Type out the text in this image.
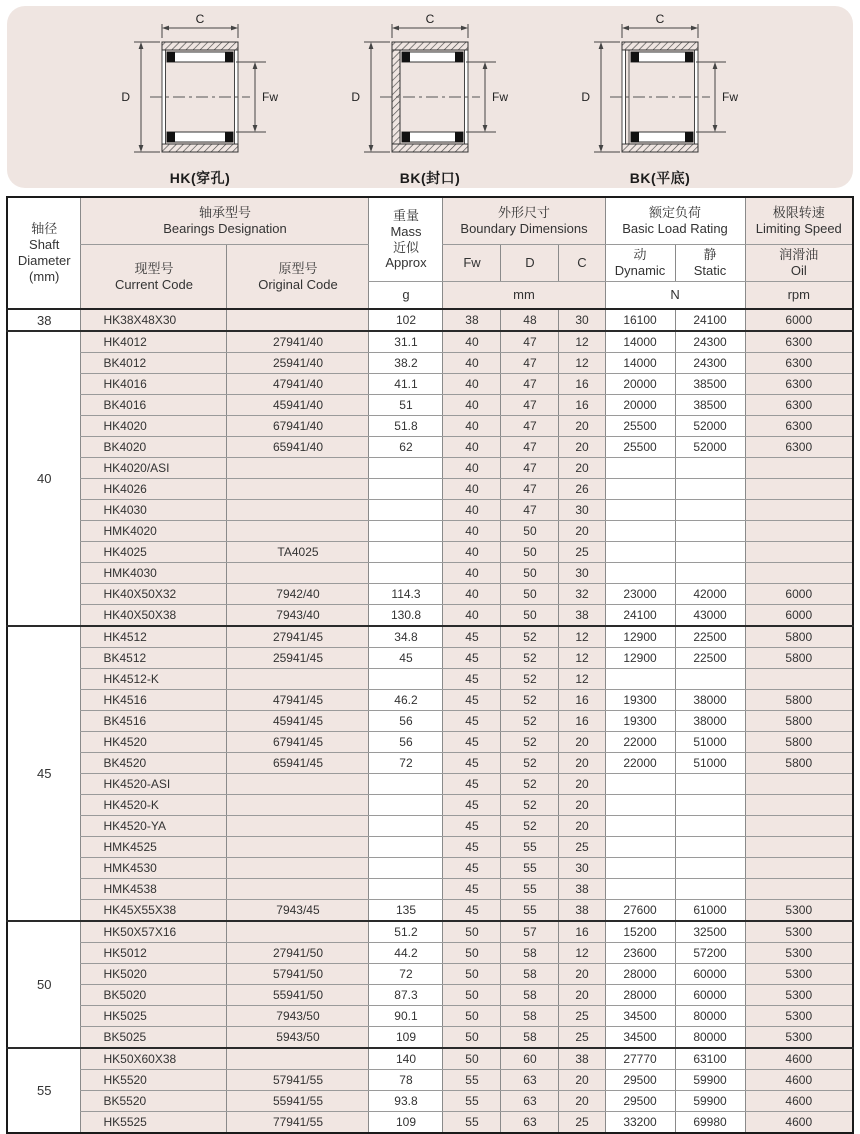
C
D	Fw
HK(穿孔)
C
D	Fw
BK(封口)
C
D	Fw
BK(平底)
轴径
Shaft
Diameter
(mm)

轴承型号
Bearings Designation

重量
Mass
近似
Approx

外形尺寸
Boundary Dimensions

额定负荷
Basic Load Rating

极限转速
Limiting Speed

现型号
Current Code

原型号
Original Code
	Fw	D	C	
动
Dynamic

静
Static

润滑油
Oil

			g	mm			N		rpm
38	HK38X48X30		102	38	48	30	16100	24100	6000
40	HK4012	27941/40	31.1	40	47	12	14000	24300	6300
	BK4012	25941/40	38.2	40	47	12	14000	24300	6300
	HK4016	47941/40	41.1	40	47	16	20000	38500	6300
	BK4016	45941/40	51	40	47	16	20000	38500	6300
	HK4020	67941/40	51.8	40	47	20	25500	52000	6300
	BK4020	65941/40	62	40	47	20	25500	52000	6300
	HK4020/ASI			40	47	20			
	HK4026			40	47	26			
	HK4030			40	47	30			
	HMK4020			40	50	20			
	HK4025	TA4025		40	50	25			
	HMK4030			40	50	30			
	HK40X50X32	7942/40	114.3	40	50	32	23000	42000	6000
	HK40X50X38	7943/40	130.8	40	50	38	24100	43000	6000
45	HK4512	27941/45	34.8	45	52	12	12900	22500	5800
	BK4512	25941/45	45	45	52	12	12900	22500	5800
	HK4512-K			45	52	12			
	HK4516	47941/45	46.2	45	52	16	19300	38000	5800
	BK4516	45941/45	56	45	52	16	19300	38000	5800
	HK4520	67941/45	56	45	52	20	22000	51000	5800
	BK4520	65941/45	72	45	52	20	22000	51000	5800
	HK4520-ASI			45	52	20			
	HK4520-K			45	52	20			
	HK4520-YA			45	52	20			
	HMK4525			45	55	25			
	HMK4530			45	55	30			
	HMK4538			45	55	38			
	HK45X55X38	7943/45	135	45	55	38	27600	61000	5300
50	HK50X57X16		51.2	50	57	16	15200	32500	5300
	HK5012	27941/50	44.2	50	58	12	23600	57200	5300
	HK5020	57941/50	72	50	58	20	28000	60000	5300
	BK5020	55941/50	87.3	50	58	20	28000	60000	5300
	HK5025	7943/50	90.1	50	58	25	34500	80000	5300
	BK5025	5943/50	109	50	58	25	34500	80000	5300
55	HK50X60X38		140	50	60	38	27770	63100	4600
	HK5520	57941/55	78	55	63	20	29500	59900	4600
	BK5520	55941/55	93.8	55	63	20	29500	59900	4600
	HK5525	77941/55	109	55	63	25	33200	69980	4600
